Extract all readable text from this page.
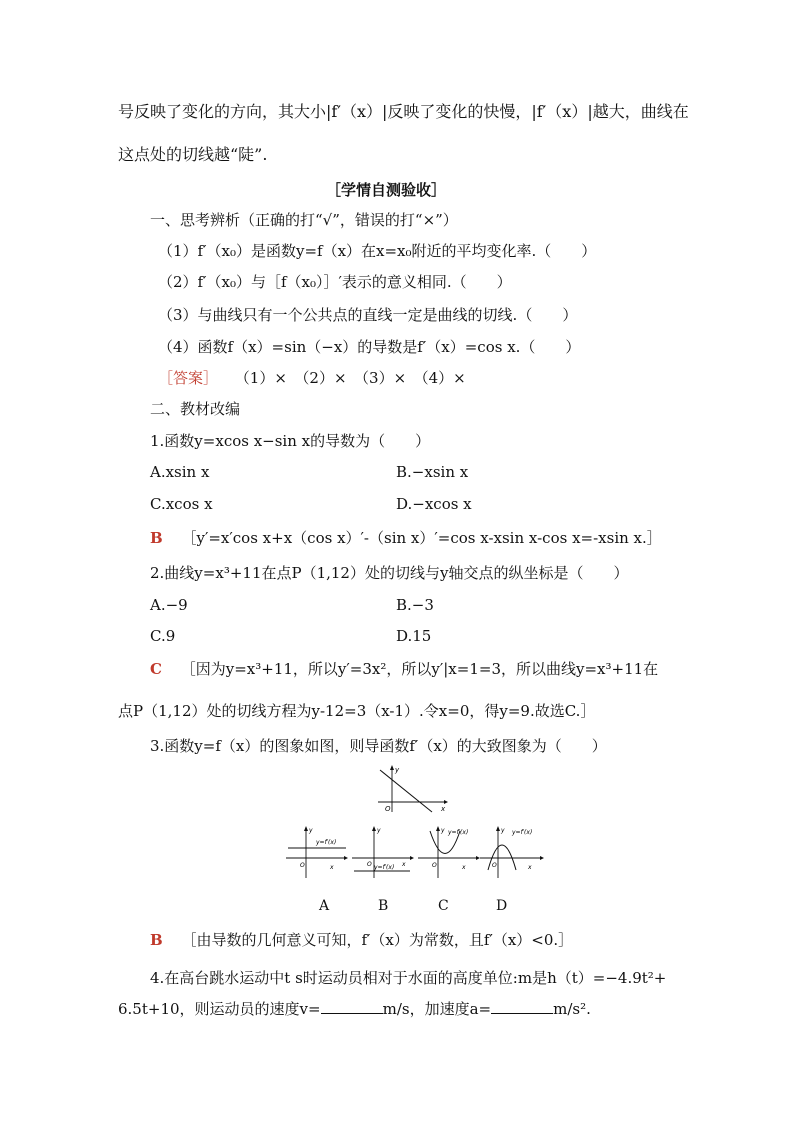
号反映了变化的方向，其大小|f′（x）|反映了变化的快慢，|f′（x）|越大，曲线在
这点处的切线越“陡”.
［学情自测验收］
一、思考辨析（正确的打“√”，错误的打“×”）
（1）f′（x₀）是函数y=f（x）在x=x₀附近的平均变化率.（　　）
（2）f′（x₀）与［f（x₀）］′表示的意义相同.（　　）
（3）与曲线只有一个公共点的直线一定是曲线的切线.（　　）
（4）函数f（x）=sin（−x）的导数是f′（x）=cos x.（　　）
［答案］ （1）×　（2）×　（3）×　（4）×
二、教材改编
1.函数y=xcos x−sin x的导数为（　　）
A.xsin x	B.−xsin x
C.xcos x	D.−xcos x
B ［y′=x′cos x+x（cos x）′-（sin x）′=cos x-xsin x-cos x=-xsin x.］
2.曲线y=x³+11在点P（1,12）处的切线与y轴交点的纵坐标是（　　）
A.−9	B.−3
C.9	D.15
C ［因为y=x³+11，所以y′=3x²，所以y′|x=1=3，所以曲线y=x³+11在
点P（1,12）处的切线方程为y-12=3（x-1）.令x=0，得y=9.故选C.］
3.函数y=f（x）的图象如图，则导函数f′（x）的大致图象为（　　）
y
x
O
y=f′(x)
y
x
O	y=f′(x)
y
x
O
y=f′(x)
y
x
O
y=f′(x)
y
x
O
A	B	C	D
B ［由导数的几何意义可知，f′（x）为常数，且f′（x）<0.］
4.在高台跳水运动中t s时运动员相对于水面的高度单位:m是h（t）=−4.9t²+
6.5t+10，则运动员的速度v=	m/s，加速度a=	m/s².
